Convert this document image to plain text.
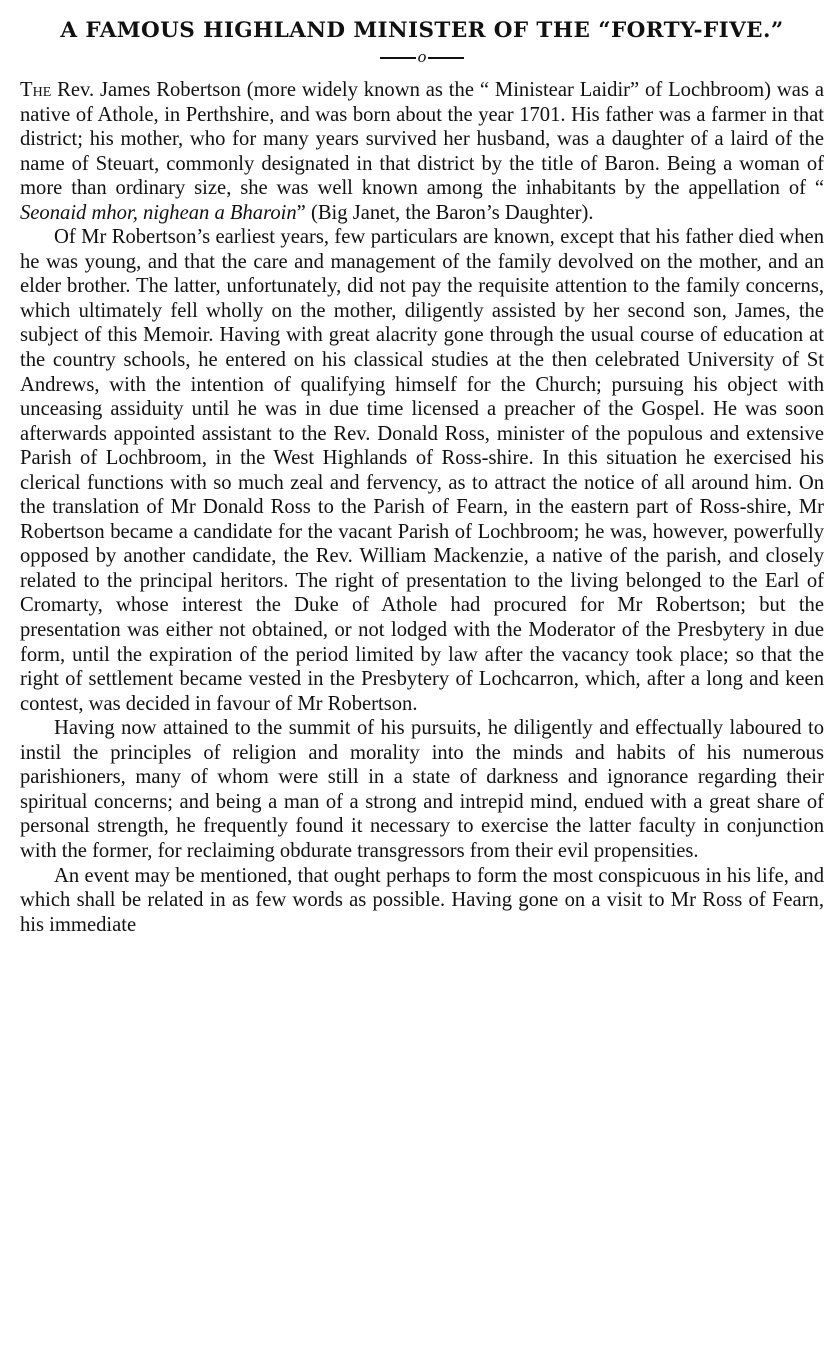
A FAMOUS HIGHLAND MINISTER OF THE “FORTY-FIVE.”
o

The Rev. James Robertson (more widely known as the “ Ministear Laidir” of Lochbroom) was a native of Athole, in Perthshire, and was born about the year 1701. His father was a farmer in that district; his mother, who for many years survived her husband, was a daughter of a laird of the name of Steuart, commonly designated in that district by the title of Baron. Being a woman of more than ordinary size, she was well known among the inhabitants by the appellation of “ Seonaid mhor, nighean a Bharoin” (Big Janet, the Baron’s Daughter).

Of Mr Robertson’s earliest years, few particulars are known, except that his father died when he was young, and that the care and management of the family devolved on the mother, and an elder brother. The latter, unfortunately, did not pay the requisite attention to the family concerns, which ultimately fell wholly on the mother, diligently assisted by her second son, James, the subject of this Memoir. Having with great alacrity gone through the usual course of education at the country schools, he entered on his classical studies at the then celebrated University of St Andrews, with the intention of qualifying himself for the Church; pursuing his object with unceasing assiduity until he was in due time licensed a preacher of the Gospel. He was soon afterwards appointed assistant to the Rev. Donald Ross, minister of the populous and extensive Parish of Lochbroom, in the West Highlands of Ross-shire. In this situation he exercised his clerical functions with so much zeal and fervency, as to attract the notice of all around him. On the translation of Mr Donald Ross to the Parish of Fearn, in the eastern part of Ross-shire, Mr Robertson became a candidate for the vacant Parish of Lochbroom; he was, however, powerfully opposed by another candidate, the Rev. William Mackenzie, a native of the parish, and closely related to the principal heritors. The right of presentation to the living belonged to the Earl of Cromarty, whose interest the Duke of Athole had procured for Mr Robertson; but the presentation was either not obtained, or not lodged with the Moderator of the Presbytery in due form, until the expiration of the period limited by law after the vacancy took place; so that the right of settlement became vested in the Presbytery of Lochcarron, which, after a long and keen contest, was decided in favour of Mr Robertson.

Having now attained to the summit of his pursuits, he diligently and effectually laboured to instil the principles of religion and morality into the minds and habits of his numerous parishioners, many of whom were still in a state of darkness and ignorance regarding their spiritual concerns; and being a man of a strong and intrepid mind, endued with a great share of personal strength, he frequently found it necessary to exercise the latter faculty in conjunction with the former, for reclaiming obdurate transgressors from their evil propensities.

An event may be mentioned, that ought perhaps to form the most conspicuous in his life, and which shall be related in as few words as possible. Having gone on a visit to Mr Ross of Fearn, his immediate
